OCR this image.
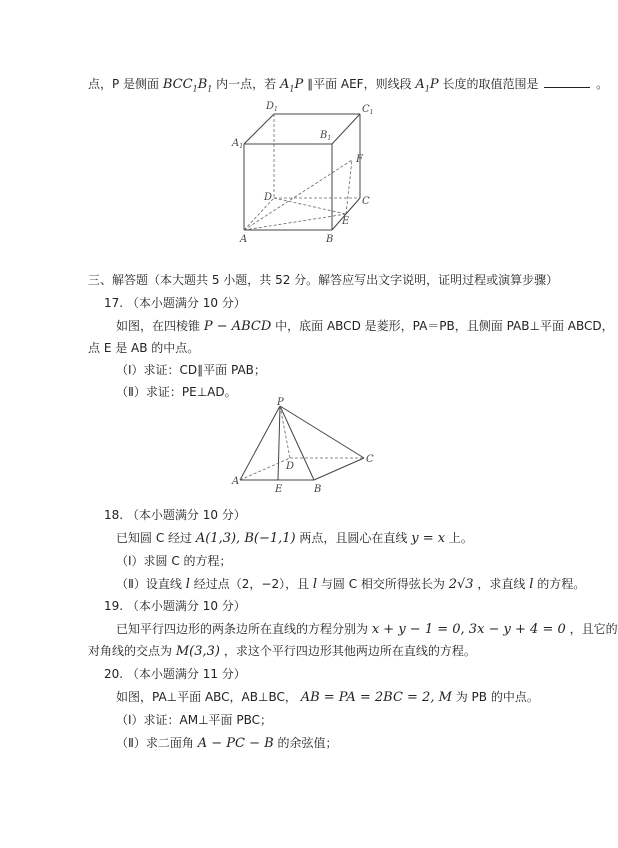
点，P 是侧面 $BCC_1B_1$ 内一点，若 $A_1P$ ∥平面 AEF，则线段 $A_1P$ 长度的取值范围是	。
$D_1$	$C_1$
$A_1$
$B_1$
F
D	C
E
A	B
三、解答题（本大题共 5 小题，共 52 分。解答应写出文字说明，证明过程或演算步骤）
17. （本小题满分 10 分）
如图，在四棱锥 P − ABCD 中，底面 ABCD 是菱形，PA＝PB，且侧面 PAB⊥平面 ABCD，
点 E 是 AB 的中点。
（Ⅰ）求证：CD∥平面 PAB；
（Ⅱ）求证：PE⊥AD。
P
D
C
A
E	B
18. （本小题满分 10 分）
已知圆 C 经过 A(1,3), B(−1,1) 两点，且圆心在直线 y = x 上。
（Ⅰ）求圆 C 的方程；
（Ⅱ）设直线 l 经过点（2，−2），且 l 与圆 C 相交所得弦长为 2√3 ，求直线 l 的方程。
19. （本小题满分 10 分）
已知平行四边形的两条边所在直线的方程分别为 x + y − 1 = 0, 3x − y + 4 = 0 ，且它的
对角线的交点为 M(3,3) ，求这个平行四边形其他两边所在直线的方程。
20. （本小题满分 11 分）
如图，PA⊥平面 ABC，AB⊥BC， AB = PA = 2BC = 2, M 为 PB 的中点。
（Ⅰ）求证：AM⊥平面 PBC；
（Ⅱ）求二面角 A − PC − B 的余弦值；
